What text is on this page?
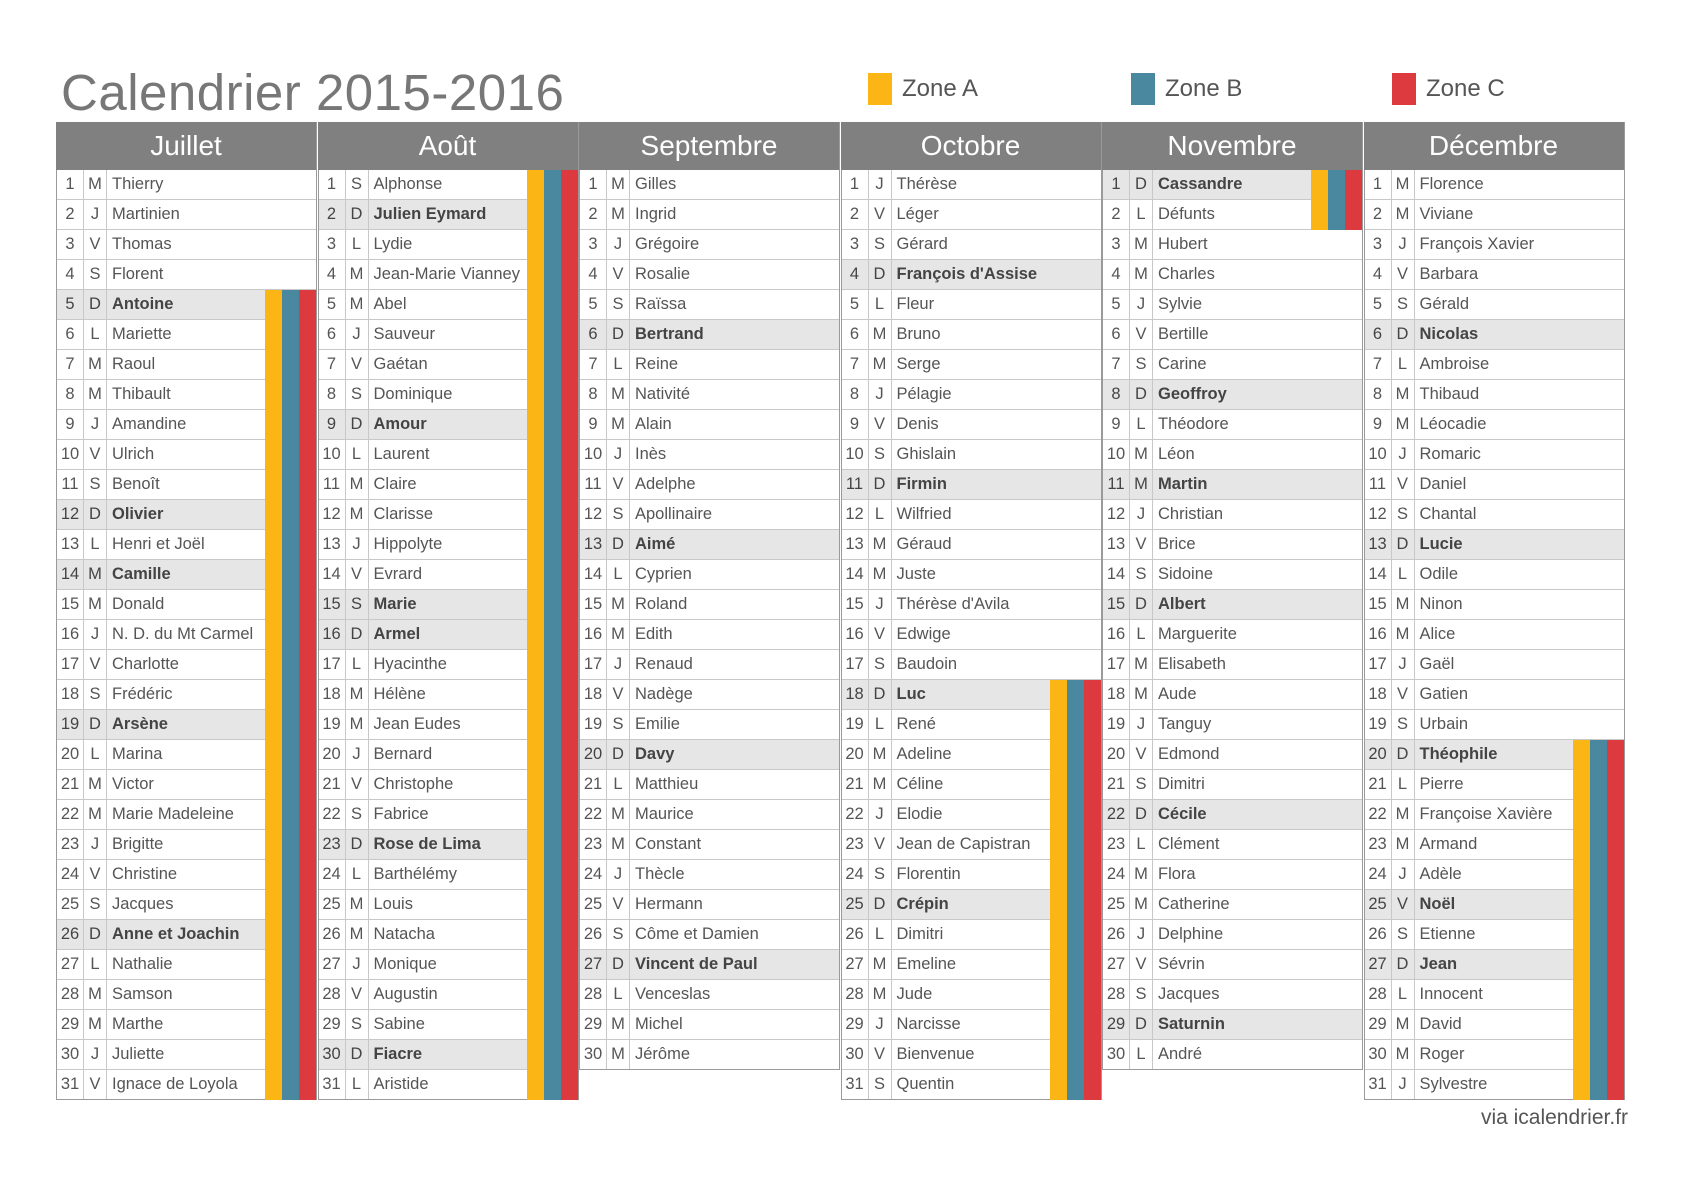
Calendrier 2015-2016	Zone A	Zone B	Zone C
Juillet
1 M Thierry
2 J Martinien
3 V Thomas
4 S Florent
5 D Antoine
6 L Mariette
7 M Raoul
8 M Thibault
9 J Amandine
10 V Ulrich
11 S Benoît
12 D Olivier
13 L Henri et Joël
14 M Camille
15 M Donald
16 J N. D. du Mt Carmel
17 V Charlotte
18 S Frédéric
19 D Arsène
20 L Marina
21 M Victor
22 M Marie Madeleine
23 J Brigitte
24 V Christine
25 S Jacques
26 D Anne et Joachin
27 L Nathalie
28 M Samson
29 M Marthe
30 J Juliette
31 V Ignace de Loyola
Août
1 S Alphonse
2 D Julien Eymard
3 L Lydie
4 M Jean-Marie Vianney
5 M Abel
6 J Sauveur
7 V Gaétan
8 S Dominique
9 D Amour
10 L Laurent
11 M Claire
12 M Clarisse
13 J Hippolyte
14 V Evrard
15 S Marie
16 D Armel
17 L Hyacinthe
18 M Hélène
19 M Jean Eudes
20 J Bernard
21 V Christophe
22 S Fabrice
23 D Rose de Lima
24 L Barthélémy
25 M Louis
26 M Natacha
27 J Monique
28 V Augustin
29 S Sabine
30 D Fiacre
31 L Aristide
Septembre
1 M Gilles
2 M Ingrid
3 J Grégoire
4 V Rosalie
5 S Raïssa
6 D Bertrand
7 L Reine
8 M Nativité
9 M Alain
10 J Inès
11 V Adelphe
12 S Apollinaire
13 D Aimé
14 L Cyprien
15 M Roland
16 M Edith
17 J Renaud
18 V Nadège
19 S Emilie
20 D Davy
21 L Matthieu
22 M Maurice
23 M Constant
24 J Thècle
25 V Hermann
26 S Côme et Damien
27 D Vincent de Paul
28 L Venceslas
29 M Michel
30 M Jérôme
Octobre
1 J Thérèse
2 V Léger
3 S Gérard
4 D François d'Assise
5 L Fleur
6 M Bruno
7 M Serge
8 J Pélagie
9 V Denis
10 S Ghislain
11 D Firmin
12 L Wilfried
13 M Géraud
14 M Juste
15 J Thérèse d'Avila
16 V Edwige
17 S Baudoin
18 D Luc
19 L René
20 M Adeline
21 M Céline
22 J Elodie
23 V Jean de Capistran
24 S Florentin
25 D Crépin
26 L Dimitri
27 M Emeline
28 M Jude
29 J Narcisse
30 V Bienvenue
31 S Quentin
Novembre
1 D Cassandre
2 L Défunts
3 M Hubert
4 M Charles
5 J Sylvie
6 V Bertille
7 S Carine
8 D Geoffroy
9 L Théodore
10 M Léon
11 M Martin
12 J Christian
13 V Brice
14 S Sidoine
15 D Albert
16 L Marguerite
17 M Elisabeth
18 M Aude
19 J Tanguy
20 V Edmond
21 S Dimitri
22 D Cécile
23 L Clément
24 M Flora
25 M Catherine
26 J Delphine
27 V Sévrin
28 S Jacques
29 D Saturnin
30 L André
Décembre
1 M Florence
2 M Viviane
3 J François Xavier
4 V Barbara
5 S Gérald
6 D Nicolas
7 L Ambroise
8 M Thibaud
9 M Léocadie
10 J Romaric
11 V Daniel
12 S Chantal
13 D Lucie
14 L Odile
15 M Ninon
16 M Alice
17 J Gaël
18 V Gatien
19 S Urbain
20 D Théophile
21 L Pierre
22 M Françoise Xavière
23 M Armand
24 J Adèle
25 V Noël
26 S Etienne
27 D Jean
28 L Innocent
29 M David
30 M Roger
31 J Sylvestre
via icalendrier.fr
